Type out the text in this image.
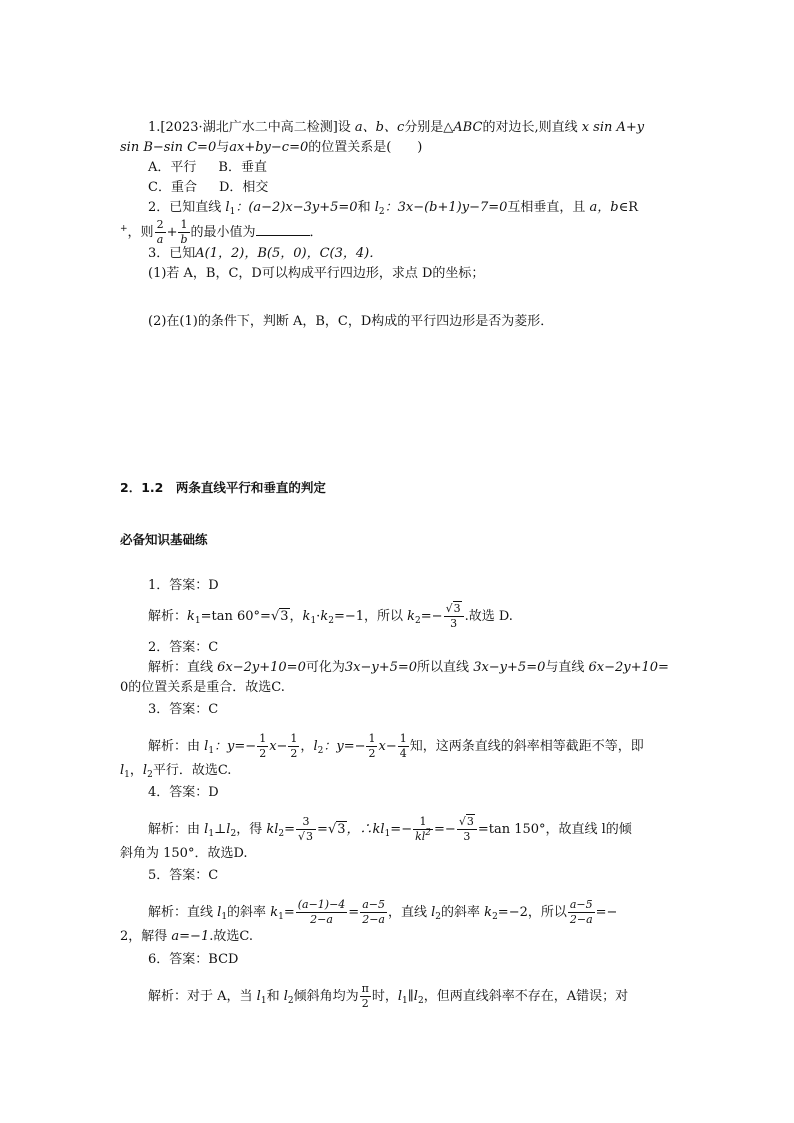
1.[2023·湖北广水二中高二检测]设 a、b、c分别是△ABC的对边长,则直线 x sin A+y
sin B−sin C=0与ax+by−c=0的位置关系是(　　)
A．平行 B．垂直
C．重合 D．相交
2．已知直线 $l_1$：(a−2)x−3y+5=0和 $l_2$：3x−(b+1)y−7=0互相垂直，且 a，b∈R
+，则 $\frac{2}{a} + \frac{1}{b}$ 的最小值为	．
3．已知A(1，2)，B(5，0)，C(3，4)．
(1)若 A，B，C，D可以构成平行四边形，求点 D的坐标；
(2)在(1)的条件下，判断 A，B，C，D构成的平行四边形是否为菱形．
2．1.2　两条直线平行和垂直的判定
必备知识基础练
1．答案：D
解析：$k_1=\tan$ 60°=√3，$k_1\cdot k_2=-1$，所以 $k_2=- \frac{√3}{3}$ .故选 D.
2．答案：C
解析：直线 6x−2y+10=0可化为3x−y+5=0所以直线 3x−y+5=0与直线 6x−2y+10=
0的位置关系是重合．故选C.
3．答案：C
解析：由 $l_1$：$y=- \frac{1}{2} x- \frac{1}{2}$ ，$l_2$：$y=- \frac{1}{2} x- \frac{1}{4}$ 知，这两条直线的斜率相等截距不等，即
$l_1$，$l_2$平行．故选C.
4．答案：D
解析：由 $l_1\perp l_2$，得 $kl_2= \frac{3}{√3} =√3$，$\therefore kl_1=- \frac{1}{kl^2} =- \frac{√3}{3} =\tan$ 150°，故直线 l的倾
斜角为 150°．故选D.
5．答案：C
解析：直线 $l_1$的斜率 $k_1= \frac{(a-1)-4}{2-a} = \frac{a-5}{2-a}$ ，直线 $l_2$的斜率 $k_2=-2$，所以 $\frac{a-5}{2-a}$ =−
2，解得 a=−1.故选C.
6．答案：BCD
解析：对于 A，当 $l_1$和 $l_2$倾斜角均为 $\frac{\pi}{2}$ 时，$l_1\parallel l_2$，但两直线斜率不存在，A错误；对
